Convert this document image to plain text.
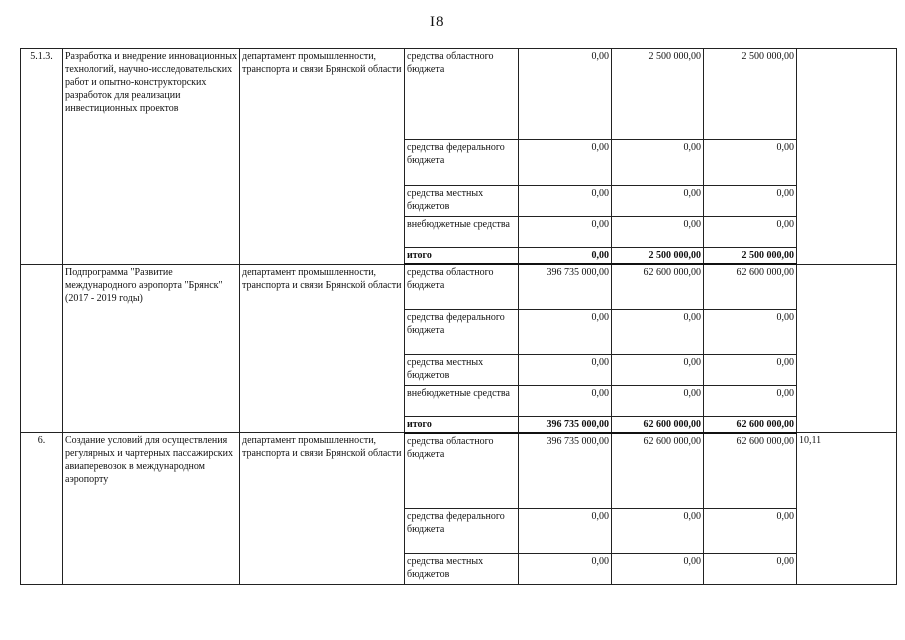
I8
5.1.3.	Разработка и внедрение инновационных технологий, научно-исследовательских работ и опытно-конструкторских разработок для реализации инвестиционных проектов	департамент промышленности, транспорта и связи Брянской области	средства областного бюджета	0,00	2 500 000,00	2 500 000,00	
			средства федерального бюджета	0,00	0,00	0,00	
			средства местных бюджетов	0,00	0,00	0,00	
			внебюджетные средства	0,00	0,00	0,00	
			итого	0,00	2 500 000,00	2 500 000,00	
	Подпрограмма "Развитие международного аэропорта "Брянск" (2017 - 2019 годы)	департамент промышленности, транспорта и связи Брянской области	средства областного бюджета	396 735 000,00	62 600 000,00	62 600 000,00	
			средства федерального бюджета	0,00	0,00	0,00	
			средства местных бюджетов	0,00	0,00	0,00	
			внебюджетные средства	0,00	0,00	0,00	
			итого	396 735 000,00	62 600 000,00	62 600 000,00	
6.	Создание условий для осуществления регулярных и чартерных пассажирских авиаперевозок в международном аэропорту	департамент промышленности, транспорта и связи Брянской области	средства областного бюджета	396 735 000,00	62 600 000,00	62 600 000,00	10,11
			средства федерального бюджета	0,00	0,00	0,00	
			средства местных бюджетов	0,00	0,00	0,00	
